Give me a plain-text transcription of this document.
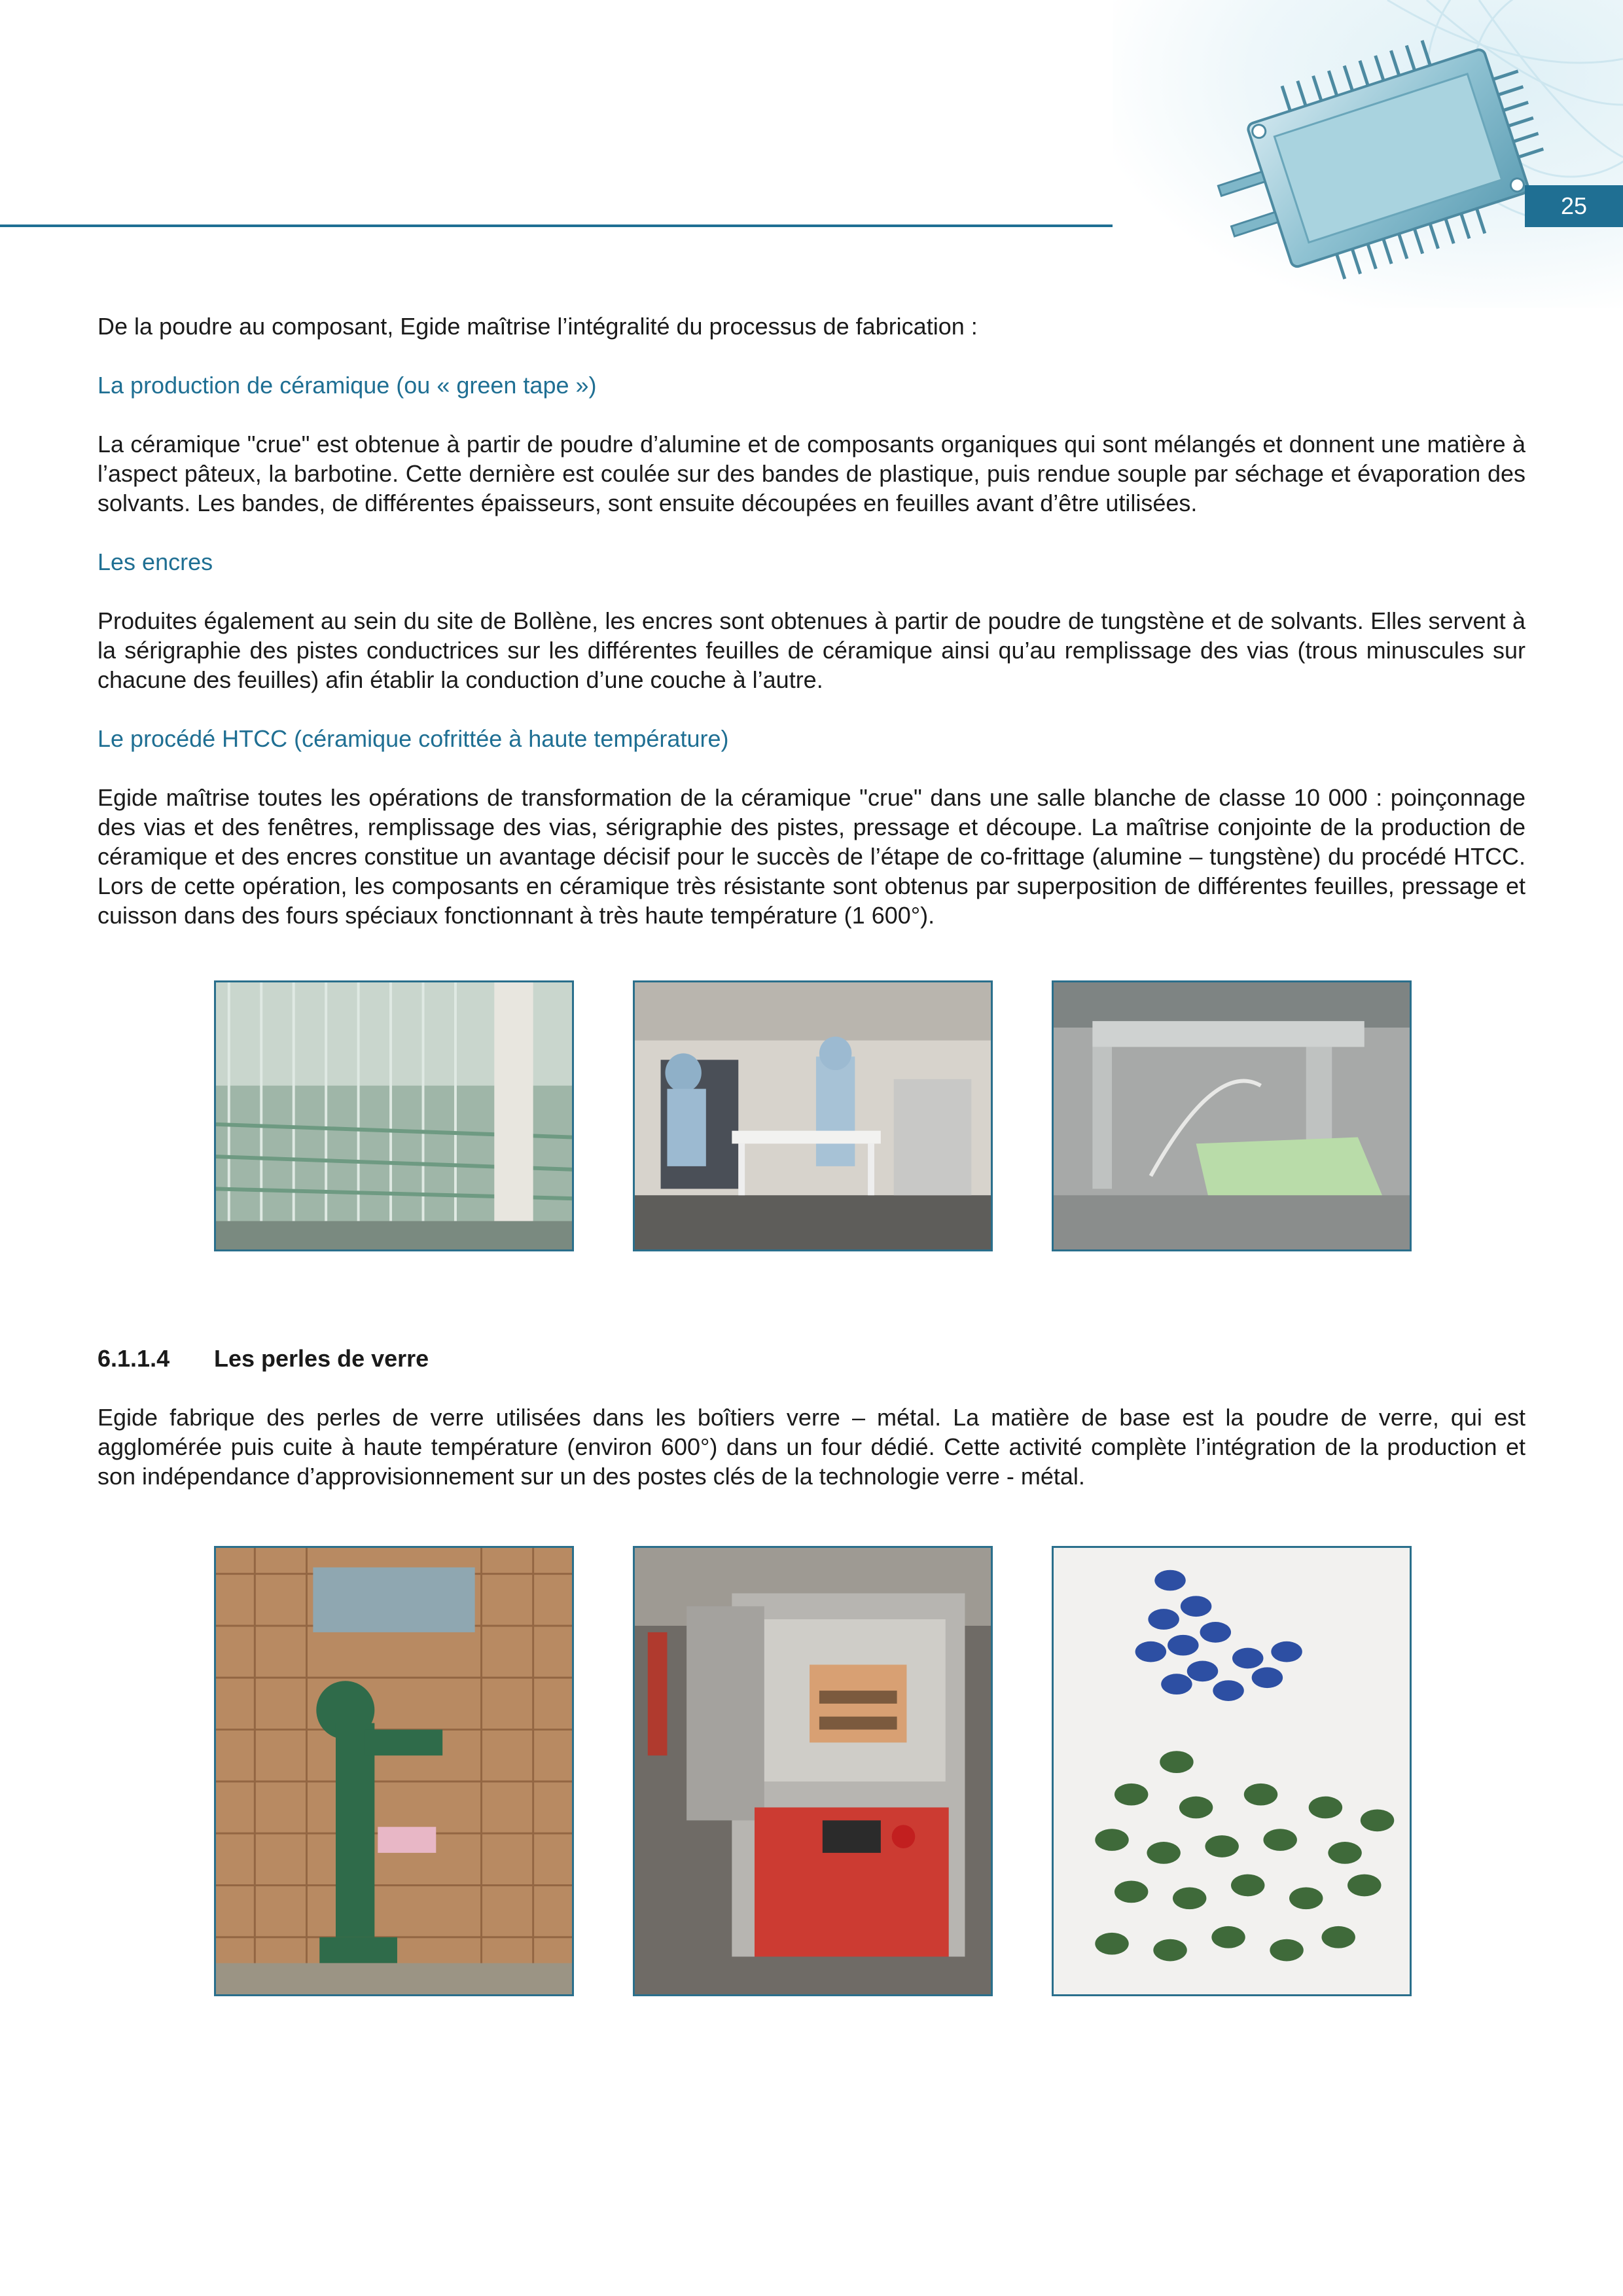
25

De la poudre au composant, Egide maîtrise l’intégralité du processus de fabrication :

La production de céramique (ou « green tape »)

La céramique "crue" est obtenue à partir de poudre d’alumine et de composants organiques qui sont mélangés et donnent une matière à l’aspect pâteux, la barbotine. Cette dernière est coulée sur des bandes de plastique, puis rendue souple par séchage et évaporation des solvants. Les bandes, de différentes épaisseurs, sont ensuite découpées en feuilles avant d’être utilisées.

Les encres

Produites également au sein du site de Bollène, les encres sont obtenues à partir de poudre de tungstène et de solvants. Elles servent à la sérigraphie des pistes conductrices sur les différentes feuilles de céramique ainsi qu’au remplissage des vias (trous minuscules sur chacune des feuilles) afin établir la conduction d’une couche à l’autre.

Le procédé HTCC (céramique cofrittée à haute température)

Egide maîtrise toutes les opérations de transformation de la céramique "crue" dans une salle blanche de classe 10 000 : poinçonnage des vias et des fenêtres, remplissage des vias, sérigraphie des pistes, pressage et découpe. La maîtrise conjointe de la production de céramique et des encres constitue un avantage décisif pour le succès de l’étape de co-frittage (alumine – tungstène) du procédé HTCC. Lors de cette opération, les composants en céramique très résistante sont obtenus par superposition de différentes feuilles, pressage et cuisson dans des fours spéciaux fonctionnant à très haute température (1 600°).

6.1.1.4 Les perles de verre

Egide fabrique des perles de verre utilisées dans les boîtiers verre – métal. La matière de base est la poudre de verre, qui est agglomérée puis cuite à haute température (environ 600°) dans un four dédié. Cette activité complète l’intégration de la production et son indépendance d’approvisionnement sur un des postes clés de la technologie verre - métal.
